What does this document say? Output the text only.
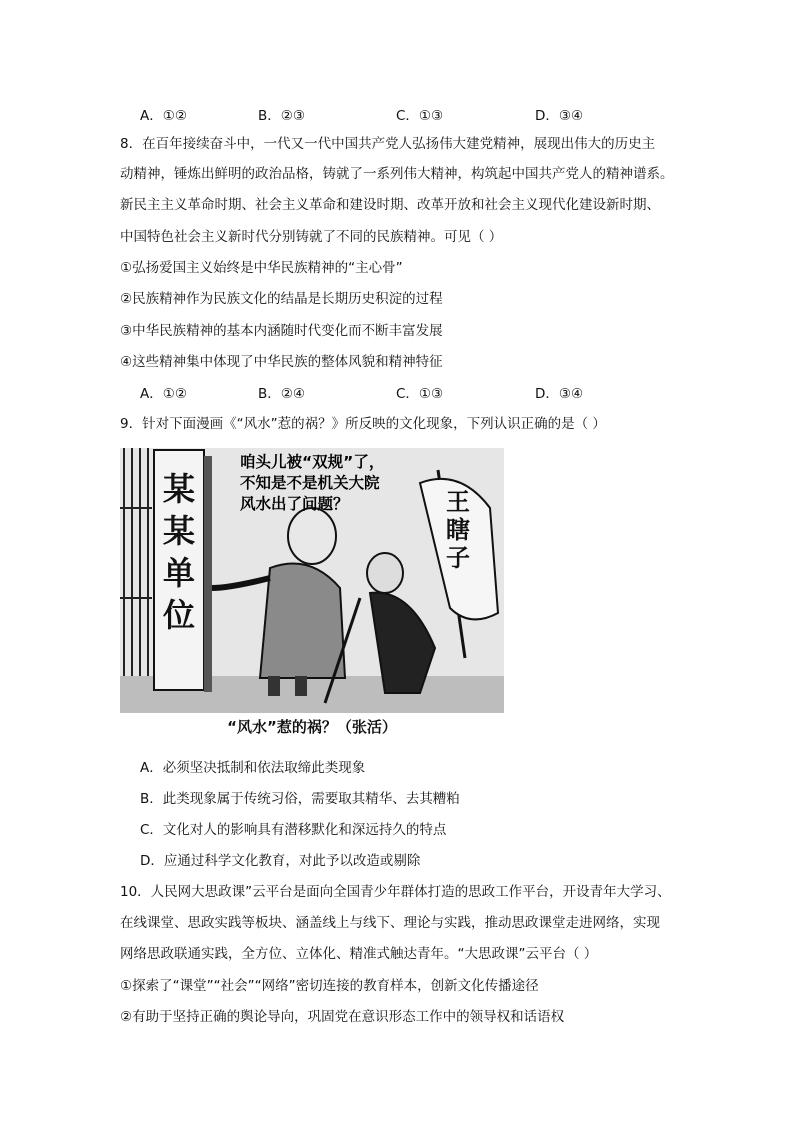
A．①②	B．②③	C．①③	D．③④
8．在百年接续奋斗中，一代又一代中国共产党人弘扬伟大建党精神，展现出伟大的历史主
动精神，锤炼出鲜明的政治品格，铸就了一系列伟大精神，构筑起中国共产党人的精神谱系。
新民主主义革命时期、社会主义革命和建设时期、改革开放和社会主义现代化建设新时期、
中国特色社会主义新时代分别铸就了不同的民族精神。可见（ ）
①弘扬爱国主义始终是中华民族精神的“主心骨”
②民族精神作为民族文化的结晶是长期历史积淀的过程
③中华民族精神的基本内涵随时代变化而不断丰富发展
④这些精神集中体现了中华民族的整体风貌和精神特征
A．①②	B．②④	C．①③	D．③④
9．针对下面漫画《“风水”惹的祸？》所反映的文化现象，下列认识正确的是（ ）
某
某
单
位
王
瞎
子
咱头儿被“双规”了，
不知是不是机关大院
风水出了问题？
“风水”惹的祸？（张活）
A．必须坚决抵制和依法取缔此类现象
B．此类现象属于传统习俗，需要取其精华、去其糟粕
C．文化对人的影响具有潜移默化和深远持久的特点
D．应通过科学文化教育，对此予以改造或剔除
10．人民网大思政课”云平台是面向全国青少年群体打造的思政工作平台，开设青年大学习、
在线课堂、思政实践等板块、涵盖线上与线下、理论与实践，推动思政课堂走进网络，实现
网络思政联通实践，全方位、立体化、精准式触达青年。“大思政课”云平台（ ）
①探索了“课堂”“社会”“网络”密切连接的教育样本，创新文化传播途径
②有助于坚持正确的舆论导向，巩固党在意识形态工作中的领导权和话语权
